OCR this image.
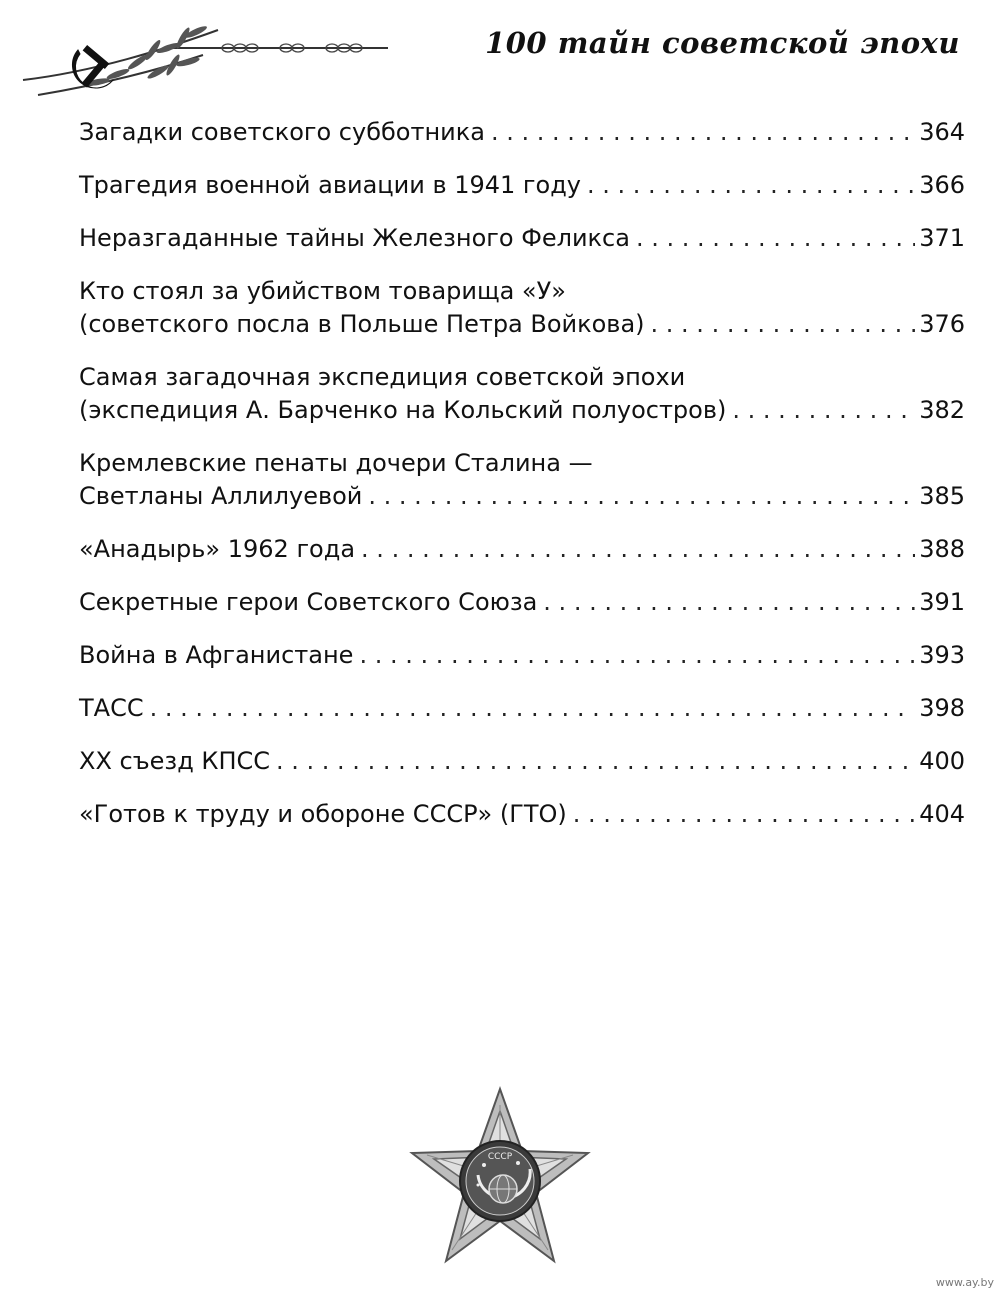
100 тайн советской эпохи
Загадки советского субботника . . .	364
Трагедия военной авиации в 1941 году . . .	366
Неразгаданные тайны Железного Феликса . . .	371
Кто стоял за убийством товарища «У»
(советского посла в Польше Петра Войкова) . . .	376
Самая загадочная экспедиция советской эпохи
(экспедиция А. Барченко на Кольский полуостров) . . .	382
Кремлевские пенаты дочери Сталина —
Светланы Аллилуевой . . .	385
«Анадырь» 1962 года . . .	388
Секретные герои Советского Союза . . .	391
Война в Афганистане . . .	393
ТАСС . . .	398
XX съезд КПСС . . .	400
«Готов к труду и обороне СССР» (ГТО) . . .	404
СССР
www.ay.by
